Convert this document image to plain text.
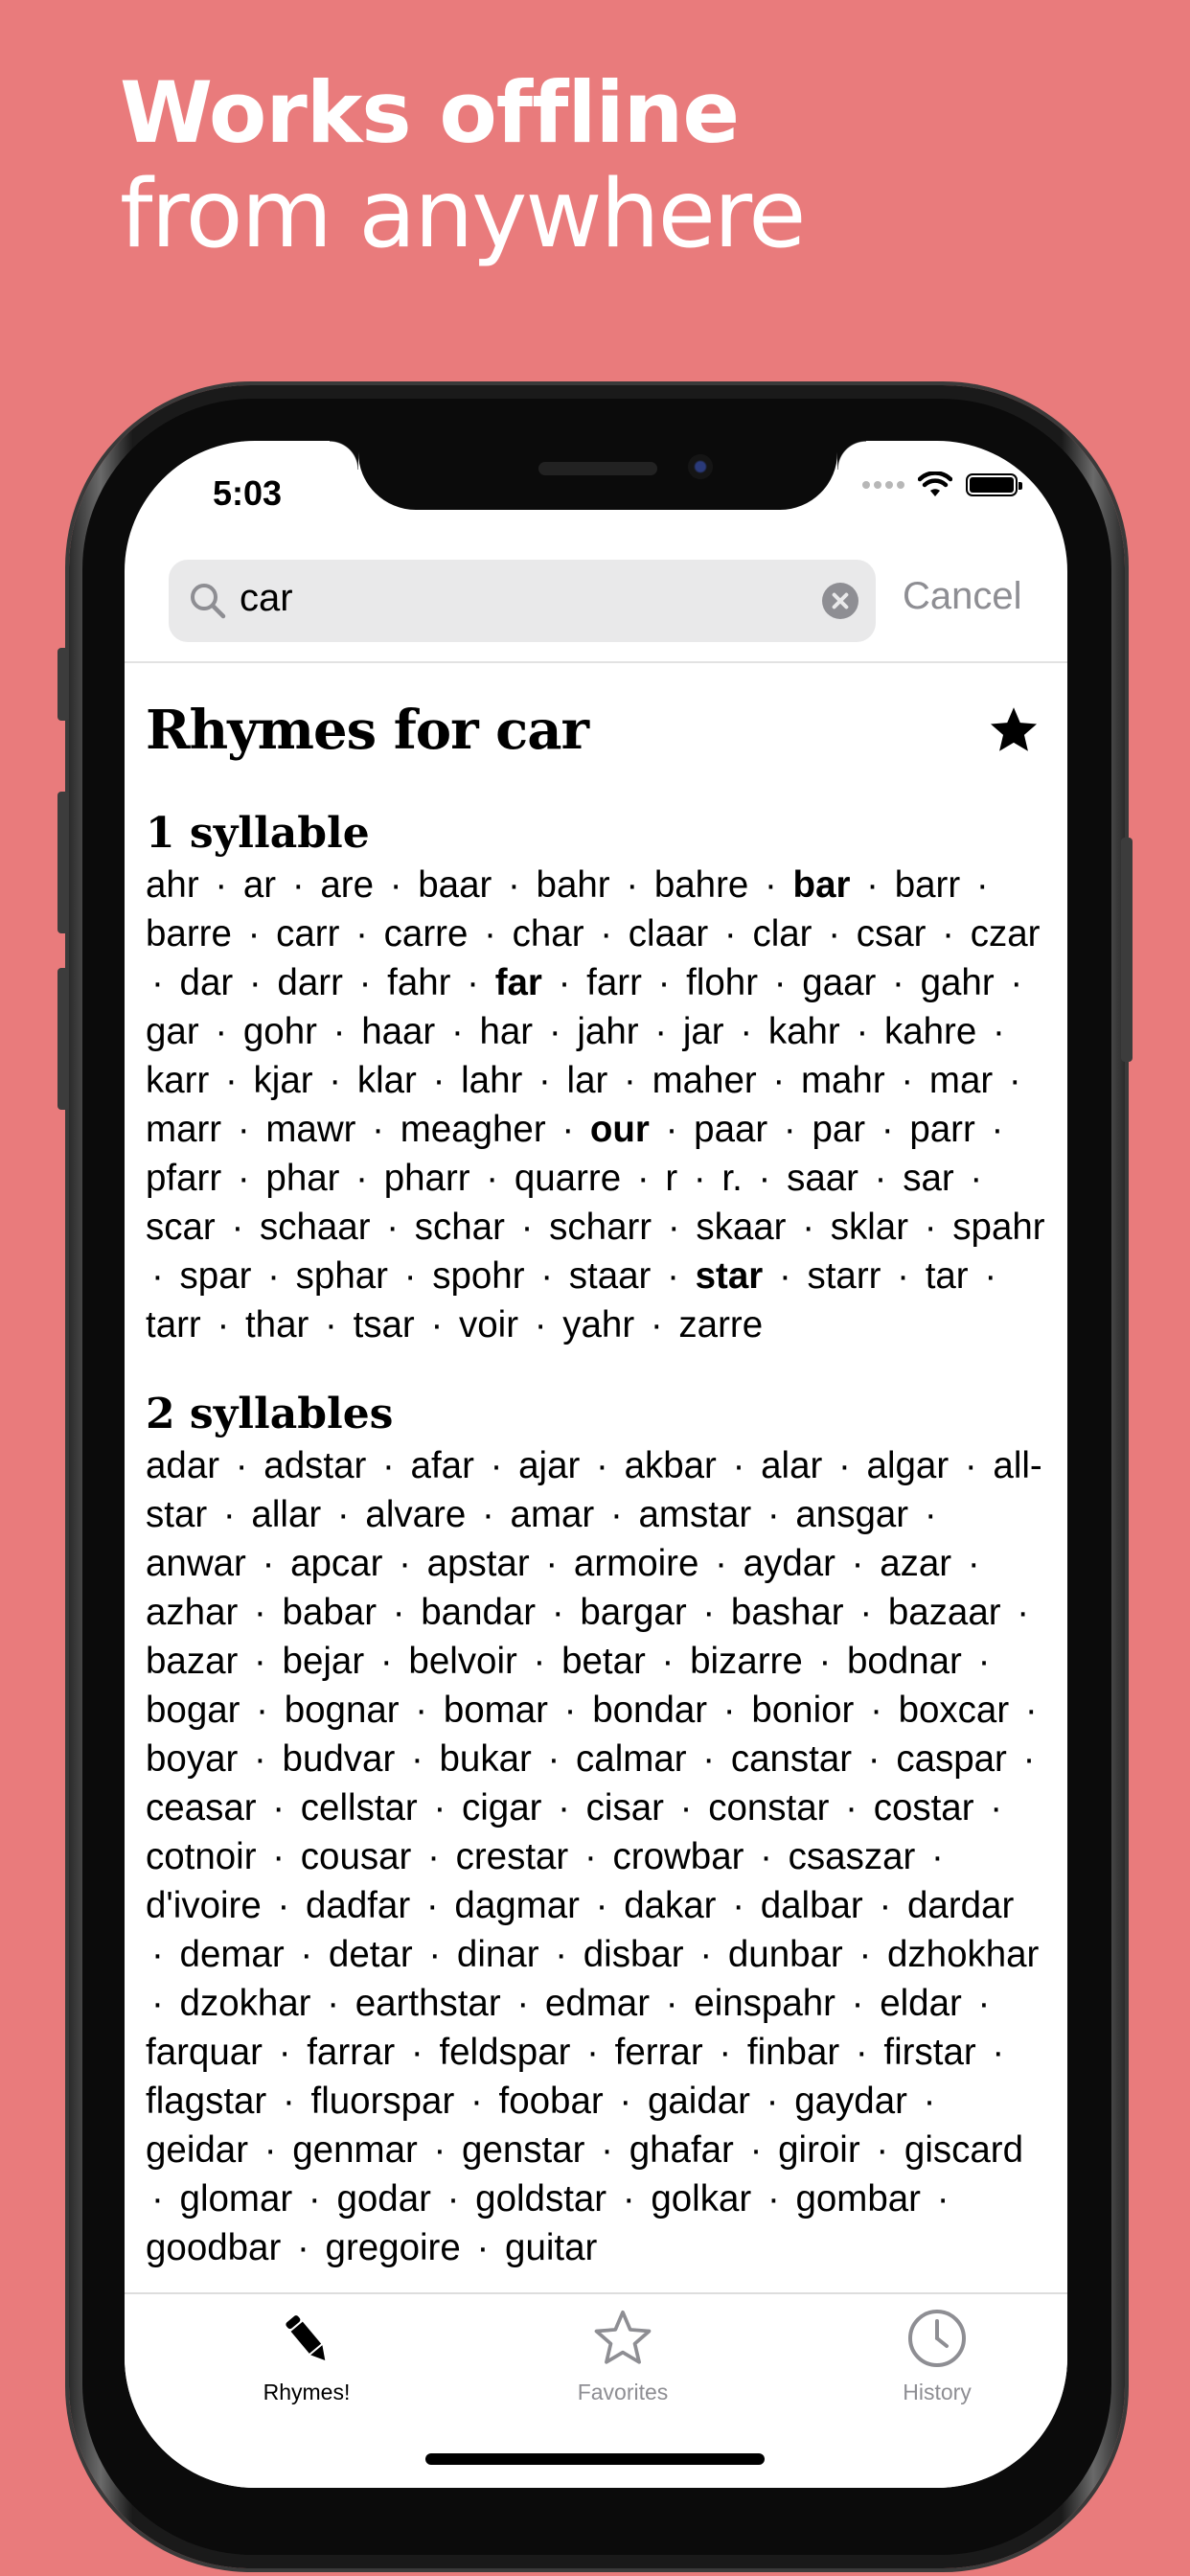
Works offline
from anywhere
5:03
car	Cancel
Rhymes for car
1 syllable
ahr · ar · are · baar · bahr · bahre · bar · barr · barre · carr · carre · char · claar · clar · csar · czar · dar · darr · fahr · far · farr · flohr · gaar · gahr · gar · gohr · haar · har · jahr · jar · kahr · kahre · karr · kjar · klar · lahr · lar · maher · mahr · mar · marr · mawr · meagher · our · paar · par · parr · pfarr · phar · pharr · quarre · r · r. · saar · sar · scar · schaar · schar · scharr · skaar · sklar · spahr · spar · sphar · spohr · staar · star · starr · tar · tarr · thar · tsar · voir · yahr · zarre
2 syllables
adar · adstar · afar · ajar · akbar · alar · algar · all-star · allar · alvare · amar · amstar · ansgar · anwar · apcar · apstar · armoire · aydar · azar · azhar · babar · bandar · bargar · bashar · bazaar · bazar · bejar · belvoir · betar · bizarre · bodnar · bogar · bognar · bomar · bondar · bonior · boxcar · boyar · budvar · bukar · calmar · canstar · caspar · ceasar · cellstar · cigar · cisar · constar · costar · cotnoir · cousar · crestar · crowbar · csaszar · d'ivoire · dadfar · dagmar · dakar · dalbar · dardar · demar · detar · dinar · disbar · dunbar · dzhokhar · dzokhar · earthstar · edmar · einspahr · eldar · farquar · farrar · feldspar · ferrar · finbar · firstar · flagstar · fluorspar · foobar · gaidar · gaydar · geidar · genmar · genstar · ghafar · giroir · giscard · glomar · godar · goldstar · golkar · gombar · goodbar · gregoire · guitar
Rhymes!	Favorites	History
